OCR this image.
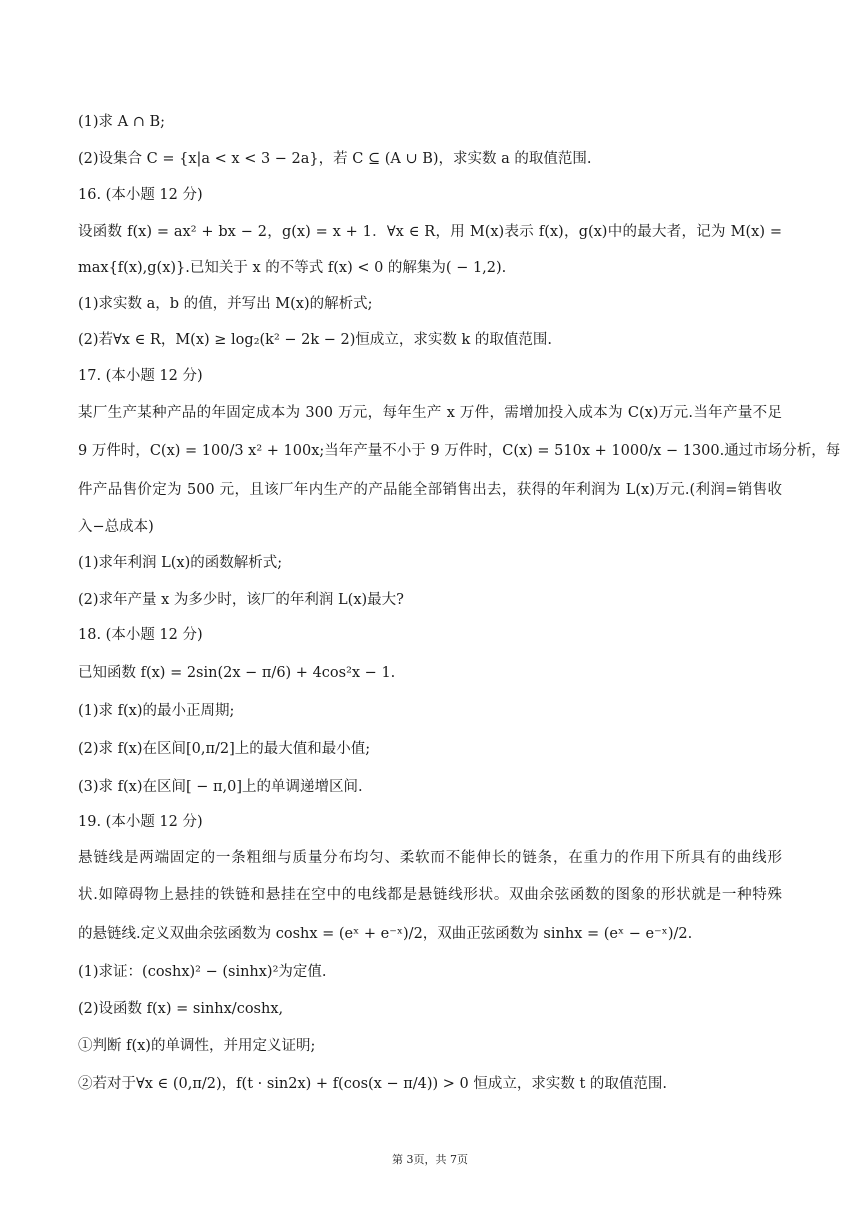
(1)求 A ∩ B;
(2)设集合 C = {x|a < x < 3 − 2a}，若 C ⊆ (A ∪ B)，求实数 a 的取值范围.
16. (本小题 12 分)
设函数 f(x) = ax² + bx − 2，g(x) = x + 1．∀x ∈ R，用 M(x)表示 f(x)，g(x)中的最大者，记为 M(x) =
max{f(x),g(x)}.已知关于 x 的不等式 f(x) < 0 的解集为( − 1,2).
(1)求实数 a，b 的值，并写出 M(x)的解析式;
(2)若∀x ∈ R，M(x) ≥ log₂(k² − 2k − 2)恒成立，求实数 k 的取值范围.
17. (本小题 12 分)
某厂生产某种产品的年固定成本为 300 万元，每年生产 x 万件，需增加投入成本为 C(x)万元.当年产量不足
9 万件时，C(x) = 100/3 x² + 100x;当年产量不小于 9 万件时，C(x) = 510x + 1000/x − 1300.通过市场分析，每
件产品售价定为 500 元，且该厂年内生产的产品能全部销售出去，获得的年利润为 L(x)万元.(利润=销售收
入−总成本)
(1)求年利润 L(x)的函数解析式;
(2)求年产量 x 为多少时，该厂的年利润 L(x)最大?
18. (本小题 12 分)
已知函数 f(x) = 2sin(2x − π/6) + 4cos²x − 1.
(1)求 f(x)的最小正周期;
(2)求 f(x)在区间[0,π/2]上的最大值和最小值;
(3)求 f(x)在区间[ − π,0]上的单调递增区间.
19. (本小题 12 分)
悬链线是两端固定的一条粗细与质量分布均匀、柔软而不能伸长的链条，在重力的作用下所具有的曲线形
状.如障碍物上悬挂的铁链和悬挂在空中的电线都是悬链线形状。双曲余弦函数的图象的形状就是一种特殊
的悬链线.定义双曲余弦函数为 coshx = (eˣ + e⁻ˣ)/2，双曲正弦函数为 sinhx = (eˣ − e⁻ˣ)/2.
(1)求证：(coshx)² − (sinhx)²为定值.
(2)设函数 f(x) = sinhx/coshx,
①判断 f(x)的单调性，并用定义证明;
②若对于∀x ∈ (0,π/2)，f(t · sin2x) + f(cos(x − π/4)) > 0 恒成立，求实数 t 的取值范围.
第 3页，共 7页
